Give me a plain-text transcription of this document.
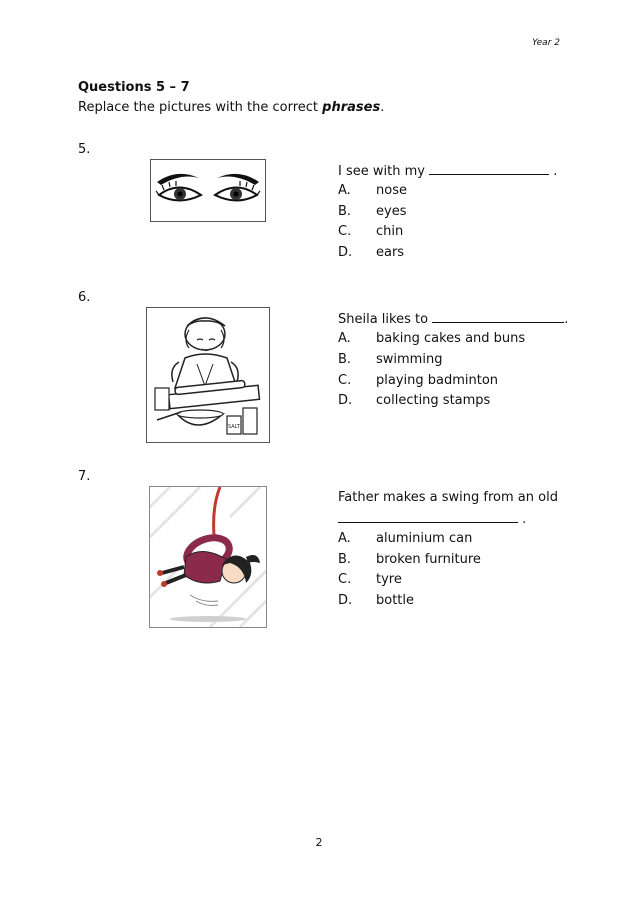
Year 2
Questions 5 – 7
Replace the pictures with the correct phrases.
5.
I see with my	.
A. nose
B. eyes
C. chin
D. ears
6.
SALT
Sheila likes to	.
A. baking cakes and buns
B. swimming
C. playing badminton
D. collecting stamps
7.
Father makes a swing from an old
.
A. aluminium can
B. broken furniture
C. tyre
D. bottle
2
